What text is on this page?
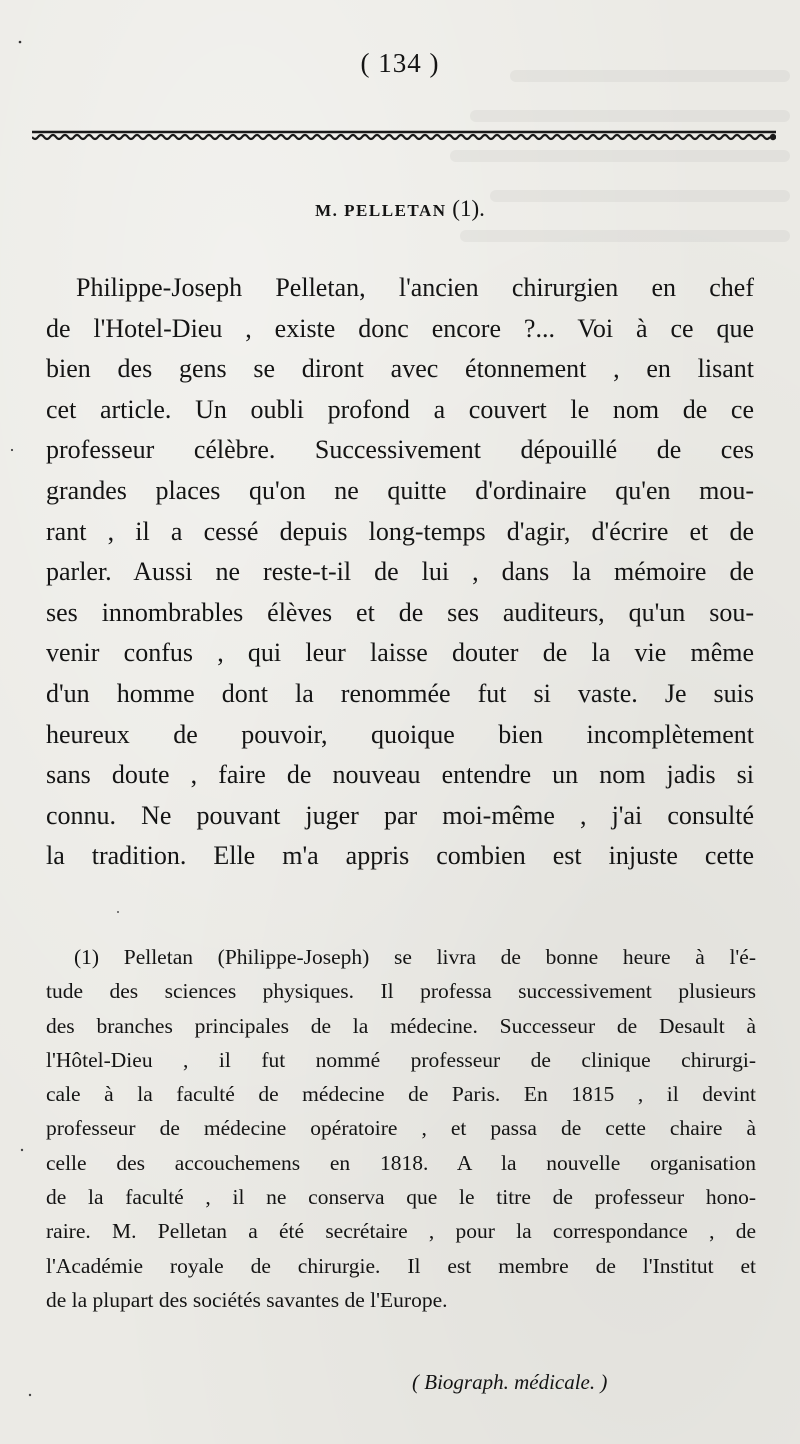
( 134 )
M. PELLETAN (1).
Philippe-Joseph Pelletan, l'ancien chirurgien en chef
de l'Hotel-Dieu , existe donc encore ?... Voi à ce que
bien des gens se diront avec étonnement , en lisant
cet article. Un oubli profond a couvert le nom de ce
professeur célèbre. Successivement dépouillé de ces
grandes places qu'on ne quitte d'ordinaire qu'en mou-
rant , il a cessé depuis long-temps d'agir, d'écrire et de
parler. Aussi ne reste-t-il de lui , dans la mémoire de
ses innombrables élèves et de ses auditeurs, qu'un sou-
venir confus , qui leur laisse douter de la vie même
d'un homme dont la renommée fut si vaste. Je suis
heureux de pouvoir, quoique bien incomplètement
sans doute , faire de nouveau entendre un nom jadis si
connu. Ne pouvant juger par moi-même , j'ai consulté
la tradition. Elle m'a appris combien est injuste cette
(1) Pelletan (Philippe-Joseph) se livra de bonne heure à l'é-
tude des sciences physiques. Il professa successivement plusieurs
des branches principales de la médecine. Successeur de Desault à
l'Hôtel-Dieu , il fut nommé professeur de clinique chirurgi-
cale à la faculté de médecine de Paris. En 1815 , il devint
professeur de médecine opératoire , et passa de cette chaire à
celle des accouchemens en 1818. A la nouvelle organisation
de la faculté , il ne conserva que le titre de professeur hono-
raire. M. Pelletan a été secrétaire , pour la correspondance , de
l'Académie royale de chirurgie. Il est membre de l'Institut et
de la plupart des sociétés savantes de l'Europe.
( Biograph. médicale. )
